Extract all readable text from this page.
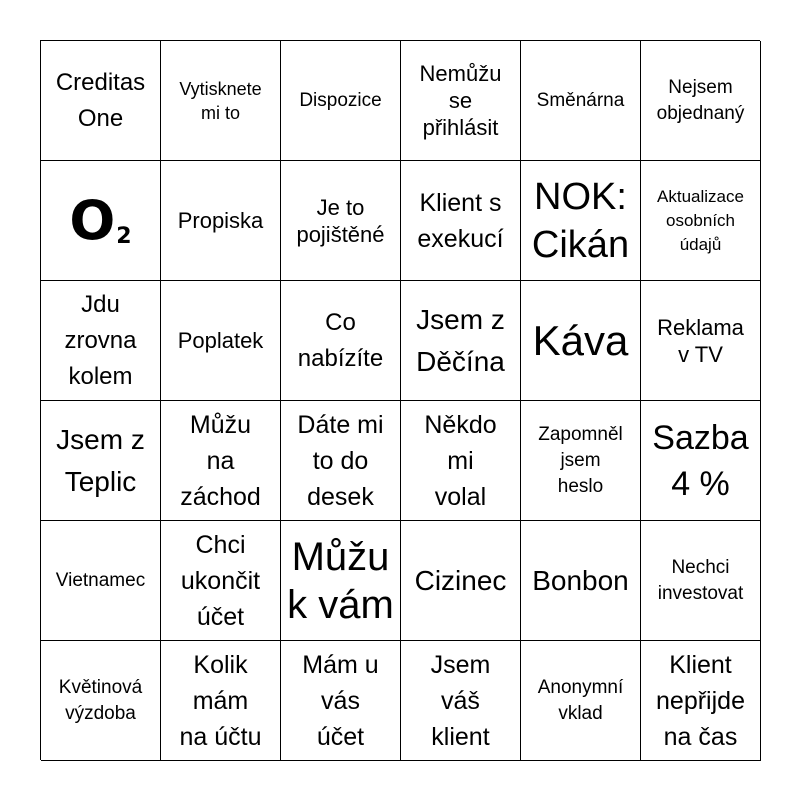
Creditas
One
Vytisknete
mi to
Dispozice
Nemůžu
se
přihlásit
Směnárna
Nejsem
objednaný
$O_2$
Propiska
Je to
pojištěné
Klient s
exekucí
NOK:
Cikán
Aktualizace
osobních
údajů
Jdu
zrovna
kolem
Poplatek
Co
nabízíte
Jsem z
Děčína Káva Reklama
v TV
Jsem z
Teplic
Můžu
na
záchod
Dáte mi
to do
desek
Někdo
mi
volal
Zapomněl
jsem
heslo
Sazba
4 %
Vietnamec
Chci
ukončit
účet
Můžu
k vám
Cizinec Bonbon	Nechci
investovat
Květinová
výzdoba
Kolik
mám
na účtu
Mám u
vás
účet
Jsem
váš
klient
Anonymní
vklad
Klient
nepřijde
na čas
